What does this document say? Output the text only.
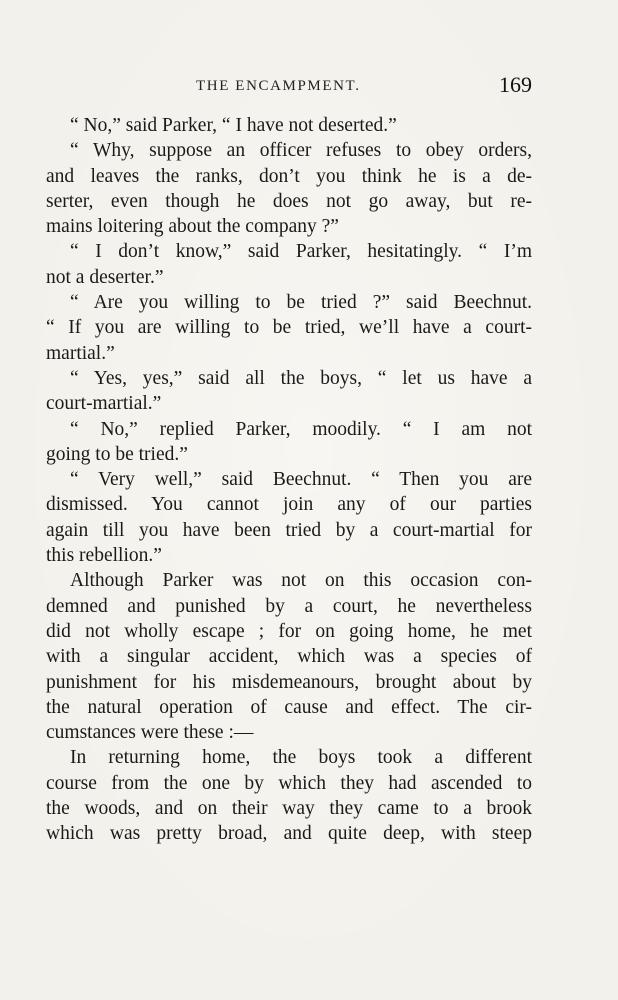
THE ENCAMPMENT.	169
“ No,” said Parker, “ I have not deserted.”
“ Why, suppose an officer refuses to obey orders,
and leaves the ranks, don’t you think he is a de-
serter, even though he does not go away, but re-
mains loitering about the company ?”
“ I don’t know,” said Parker, hesitatingly. “ I’m
not a deserter.”
“ Are you willing to be tried ?” said Beechnut.
“ If you are willing to be tried, we’ll have a court-
martial.”
“ Yes, yes,” said all the boys, “ let us have a
court-martial.”
“ No,” replied Parker, moodily. “ I am not
going to be tried.”
“ Very well,” said Beechnut. “ Then you are
dismissed. You cannot join any of our parties
again till you have been tried by a court-martial for
this rebellion.”
Although Parker was not on this occasion con-
demned and punished by a court, he nevertheless
did not wholly escape ; for on going home, he met
with a singular accident, which was a species of
punishment for his misdemeanours, brought about by
the natural operation of cause and effect. The cir-
cumstances were these :—
In returning home, the boys took a different
course from the one by which they had ascended to
the woods, and on their way they came to a brook
which was pretty broad, and quite deep, with steep
